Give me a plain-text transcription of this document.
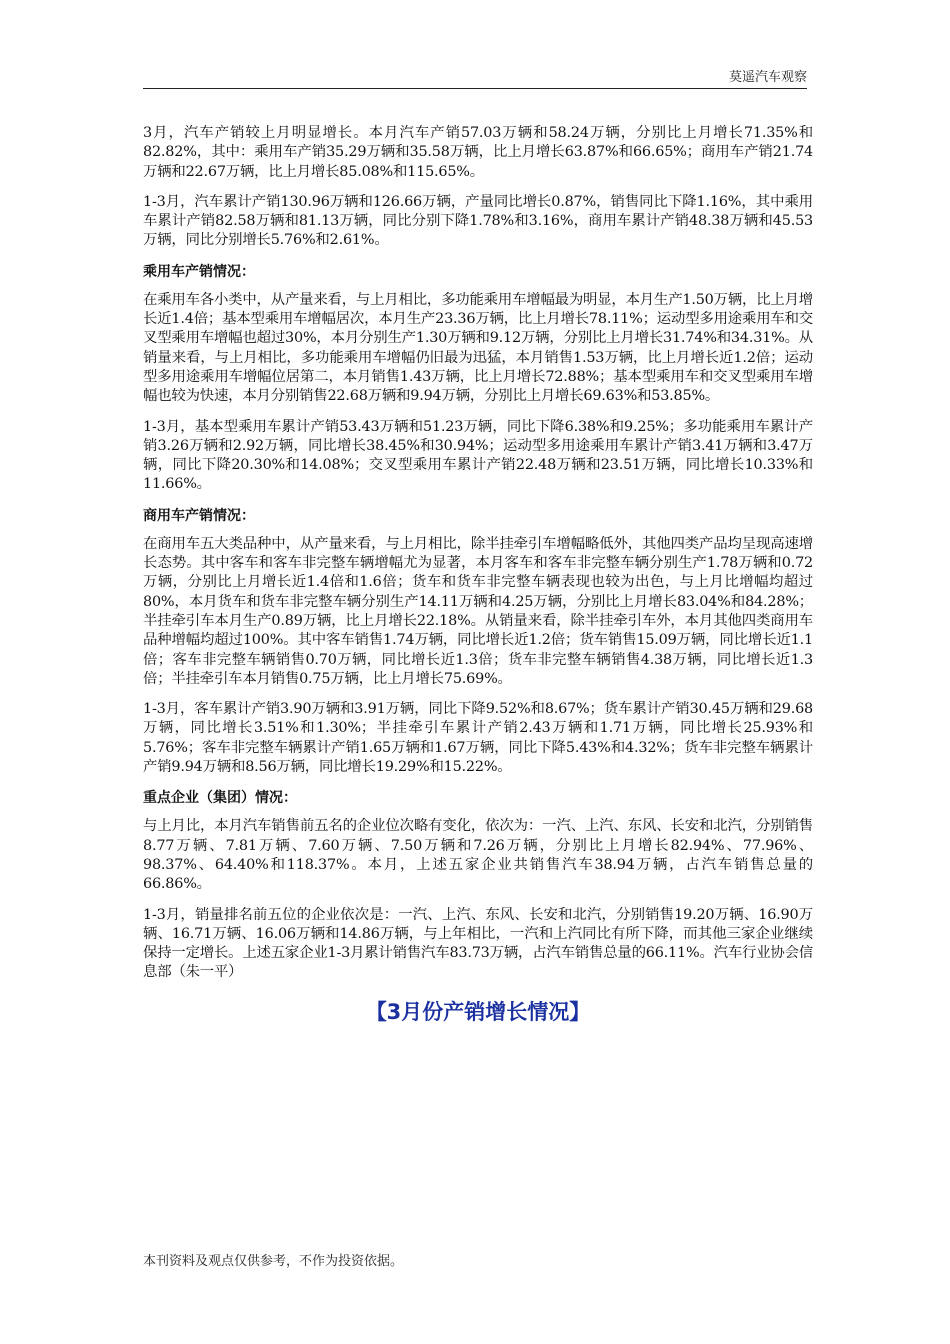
莫遥汽车观察

3月，汽车产销较上月明显增长。本月汽车产销57.03万辆和58.24万辆，分别比上月增长71.35%和82.82%，其中：乘用车产销35.29万辆和35.58万辆，比上月增长63.87%和66.65%；商用车产销21.74万辆和22.67万辆，比上月增长85.08%和115.65%。

1-3月，汽车累计产销130.96万辆和126.66万辆，产量同比增长0.87%，销售同比下降1.16%，其中乘用车累计产销82.58万辆和81.13万辆，同比分别下降1.78%和3.16%，商用车累计产销48.38万辆和45.53万辆，同比分别增长5.76%和2.61%。

乘用车产销情况：

在乘用车各小类中，从产量来看，与上月相比，多功能乘用车增幅最为明显，本月生产1.50万辆，比上月增长近1.4倍；基本型乘用车增幅居次，本月生产23.36万辆，比上月增长78.11%；运动型多用途乘用车和交叉型乘用车增幅也超过30%，本月分别生产1.30万辆和9.12万辆，分别比上月增长31.74%和34.31%。从销量来看，与上月相比，多功能乘用车增幅仍旧最为迅猛，本月销售1.53万辆，比上月增长近1.2倍；运动型多用途乘用车增幅位居第二，本月销售1.43万辆，比上月增长72.88%；基本型乘用车和交叉型乘用车增幅也较为快速，本月分别销售22.68万辆和9.94万辆，分别比上月增长69.63%和53.85%。

1-3月，基本型乘用车累计产销53.43万辆和51.23万辆，同比下降6.38%和9.25%；多功能乘用车累计产销3.26万辆和2.92万辆，同比增长38.45%和30.94%；运动型多用途乘用车累计产销3.41万辆和3.47万辆，同比下降20.30%和14.08%；交叉型乘用车累计产销22.48万辆和23.51万辆，同比增长10.33%和11.66%。

商用车产销情况：

在商用车五大类品种中，从产量来看，与上月相比，除半挂牵引车增幅略低外，其他四类产品均呈现高速增长态势。其中客车和客车非完整车辆增幅尤为显著，本月客车和客车非完整车辆分别生产1.78万辆和0.72万辆，分别比上月增长近1.4倍和1.6倍；货车和货车非完整车辆表现也较为出色，与上月比增幅均超过80%，本月货车和货车非完整车辆分别生产14.11万辆和4.25万辆，分别比上月增长83.04%和84.28%；半挂牵引车本月生产0.89万辆，比上月增长22.18%。从销量来看，除半挂牵引车外，本月其他四类商用车品种增幅均超过100%。其中客车销售1.74万辆，同比增长近1.2倍；货车销售15.09万辆，同比增长近1.1倍；客车非完整车辆销售0.70万辆，同比增长近1.3倍；货车非完整车辆销售4.38万辆，同比增长近1.3倍；半挂牵引车本月销售0.75万辆，比上月增长75.69%。

1-3月，客车累计产销3.90万辆和3.91万辆，同比下降9.52%和8.67%；货车累计产销30.45万辆和29.68万辆，同比增长3.51%和1.30%；半挂牵引车累计产销2.43万辆和1.71万辆，同比增长25.93%和5.76%；客车非完整车辆累计产销1.65万辆和1.67万辆，同比下降5.43%和4.32%；货车非完整车辆累计产销9.94万辆和8.56万辆，同比增长19.29%和15.22%。

重点企业（集团）情况：

与上月比，本月汽车销售前五名的企业位次略有变化，依次为：一汽、上汽、东风、长安和北汽，分别销售8.77万辆、7.81万辆、7.60万辆、7.50万辆和7.26万辆，分别比上月增长82.94%、77.96%、98.37%、64.40%和118.37%。本月，上述五家企业共销售汽车38.94万辆，占汽车销售总量的66.86%。

1-3月，销量排名前五位的企业依次是：一汽、上汽、东风、长安和北汽，分别销售19.20万辆、16.90万辆、16.71万辆、16.06万辆和14.86万辆，与上年相比，一汽和上汽同比有所下降，而其他三家企业继续保持一定增长。上述五家企业1-3月累计销售汽车83.73万辆，占汽车销售总量的66.11%。汽车行业协会信息部（朱一平）

【3月份产销增长情况】
本刊资料及观点仅供参考，不作为投资依据。
